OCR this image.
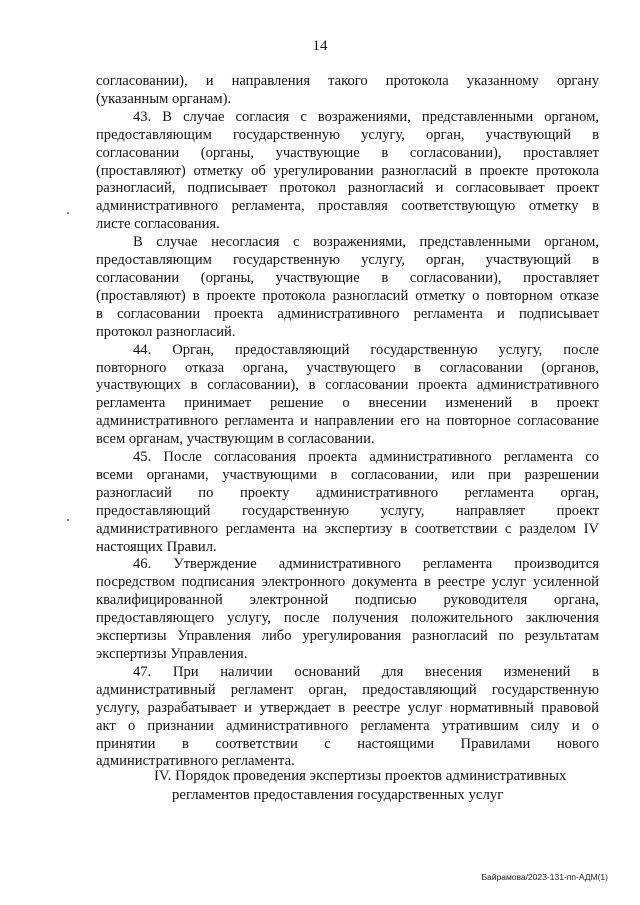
14

согласовании), и направления такого протокола указанному органу

(указанным органам).

43. В случае согласия с возражениями, представленными органом,

предоставляющим государственную услугу, орган, участвующий в

согласовании (органы, участвующие в согласовании), проставляет

(проставляют) отметку об урегулировании разногласий в проекте протокола

разногласий, подписывает протокол разногласий и согласовывает проект

административного регламента, проставляя соответствующую отметку в

листе согласования.

В случае несогласия с возражениями, представленными органом,

предоставляющим государственную услугу, орган, участвующий в

согласовании (органы, участвующие в согласовании), проставляет

(проставляют) в проекте протокола разногласий отметку о повторном отказе

в согласовании проекта административного регламента и подписывает

протокол разногласий.

44. Орган, предоставляющий государственную услугу, после

повторного отказа органа, участвующего в согласовании (органов,

участвующих в согласовании), в согласовании проекта административного

регламента принимает решение о внесении изменений в проект

административного регламента и направлении его на повторное согласование

всем органам, участвующим в согласовании.

45. После согласования проекта административного регламента со

всеми органами, участвующими в согласовании, или при разрешении

разногласий по проекту административного регламента орган,

предоставляющий государственную услугу, направляет проект

административного регламента на экспертизу в соответствии с разделом IV

настоящих Правил.

46. Утверждение административного регламента производится

посредством подписания электронного документа в реестре услуг усиленной

квалифицированной электронной подписью руководителя органа,

предоставляющего услугу, после получения положительного заключения

экспертизы Управления либо урегулирования разногласий по результатам

экспертизы Управления.

47. При наличии оснований для внесения изменений в

административный регламент орган, предоставляющий государственную

услугу, разрабатывает и утверждает в реестре услуг нормативный правовой

акт о признании административного регламента утратившим силу и о

принятии в соответствии с настоящими Правилами нового

административного регламента.

IV. Порядок проведения экспертизы проектов административных
регламентов предоставления государственных услуг
Байрамова/2023-131-пп-АДМ(1)
